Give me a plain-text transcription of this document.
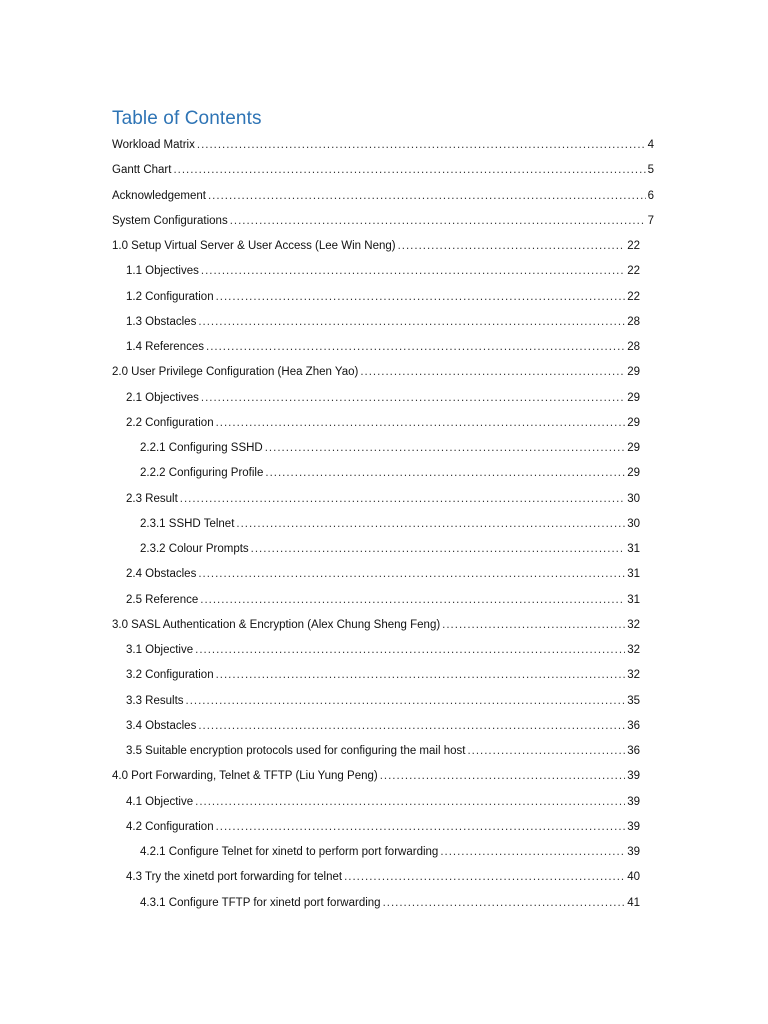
Table of Contents
Workload Matrix .....	4
Gantt Chart .....	5
Acknowledgement .....	6
System Configurations .....	7
1.0 Setup Virtual Server & User Access (Lee Win Neng) .....	22
1.1 Objectives .....	22
1.2 Configuration .....	22
1.3 Obstacles .....	28
1.4 References .....	28
2.0 User Privilege Configuration (Hea Zhen Yao) .....	29
2.1 Objectives .....	29
2.2 Configuration .....	29
2.2.1 Configuring SSHD .....	29
2.2.2 Configuring Profile .....	29
2.3 Result .....	30
2.3.1 SSHD Telnet .....	30
2.3.2 Colour Prompts .....	31
2.4 Obstacles .....	31
2.5 Reference .....	31
3.0 SASL Authentication & Encryption (Alex Chung Sheng Feng) .....	32
3.1 Objective .....	32
3.2 Configuration .....	32
3.3 Results .....	35
3.4 Obstacles .....	36
3.5 Suitable encryption protocols used for configuring the mail host .....	36
4.0 Port Forwarding, Telnet & TFTP (Liu Yung Peng) .....	39
4.1 Objective .....	39
4.2 Configuration .....	39
4.2.1 Configure Telnet for xinetd to perform port forwarding .....	39
4.3 Try the xinetd port forwarding for telnet .....	40
4.3.1 Configure TFTP for xinetd port forwarding .....	41
